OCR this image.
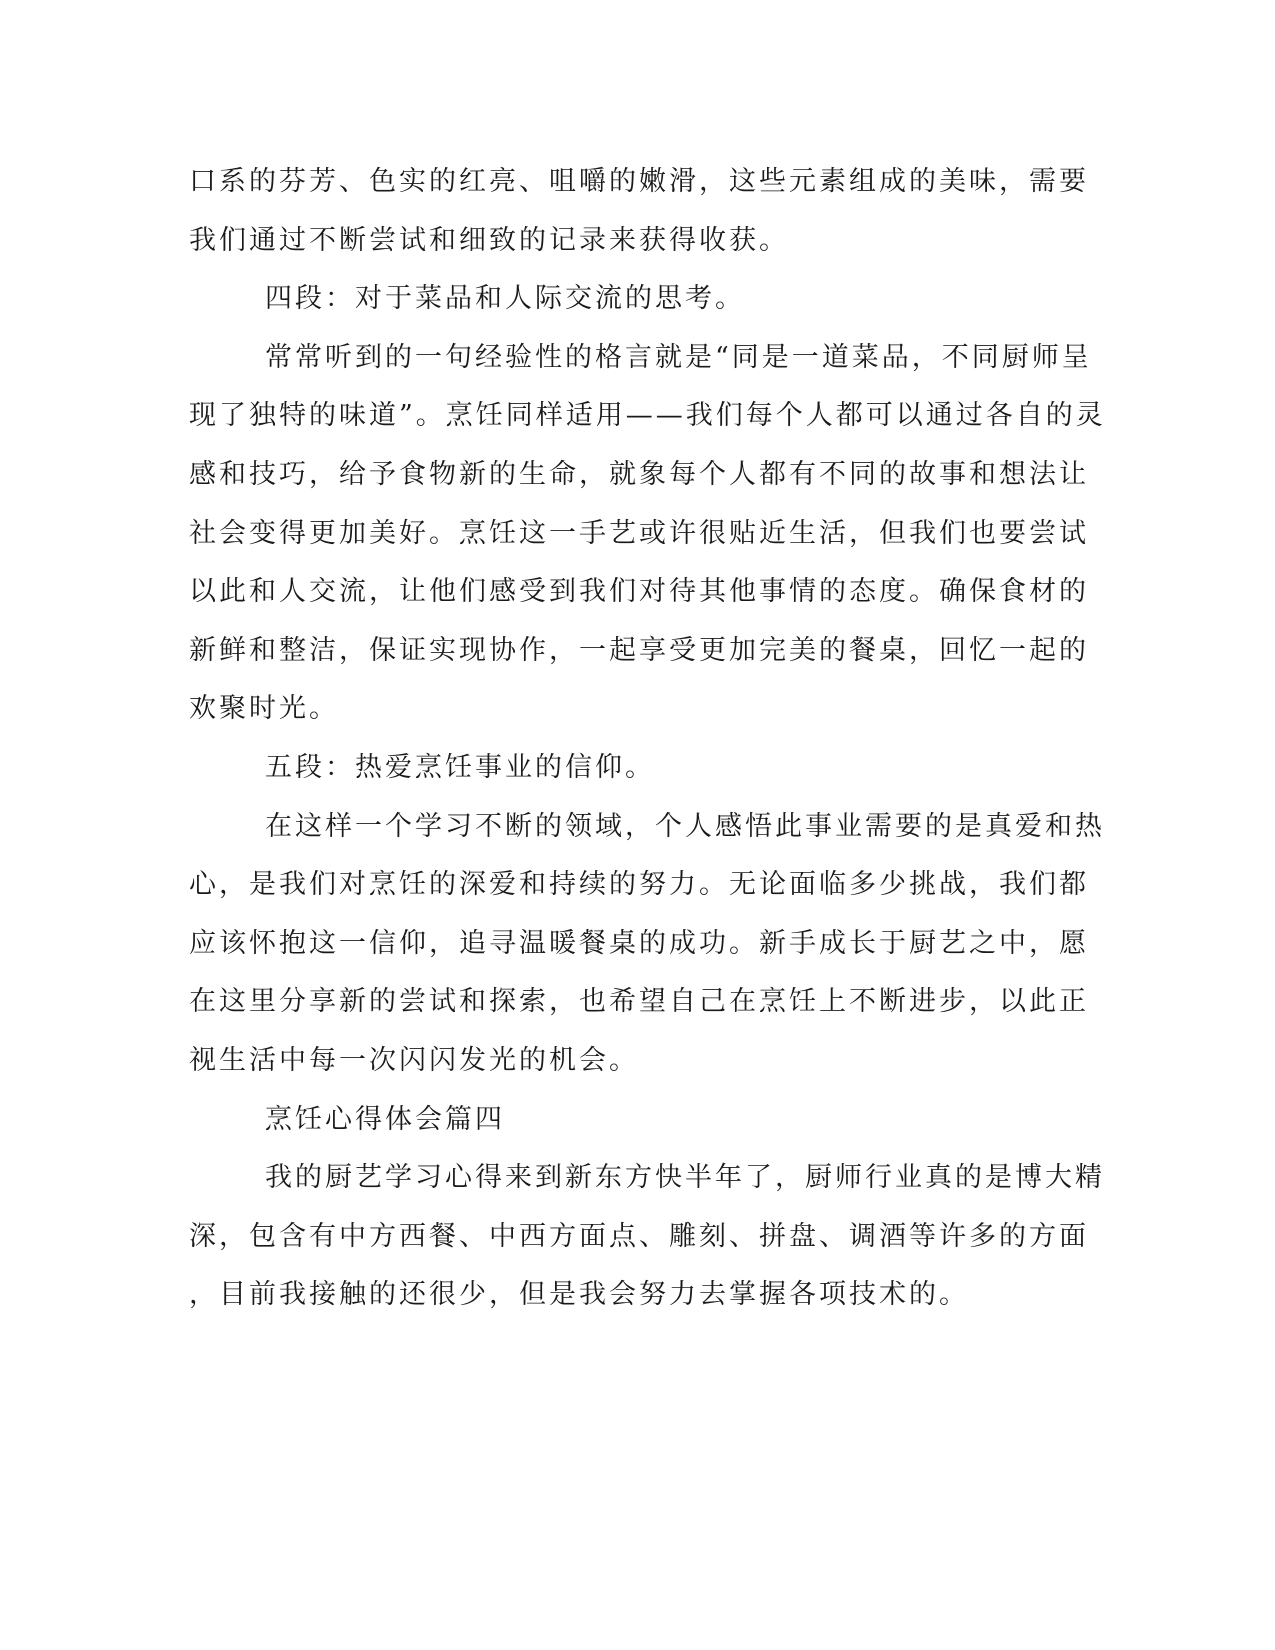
口系的芬芳、色实的红亮、咀嚼的嫩滑，这些元素组成的美味，需要
我们通过不断尝试和细致的记录来获得收获。
四段：对于菜品和人际交流的思考。
常常听到的一句经验性的格言就是“同是一道菜品，不同厨师呈
现了独特的味道”。烹饪同样适用——我们每个人都可以通过各自的灵
感和技巧，给予食物新的生命，就象每个人都有不同的故事和想法让
社会变得更加美好。烹饪这一手艺或许很贴近生活，但我们也要尝试
以此和人交流，让他们感受到我们对待其他事情的态度。确保食材的
新鲜和整洁，保证实现协作，一起享受更加完美的餐桌，回忆一起的
欢聚时光。
五段：热爱烹饪事业的信仰。
在这样一个学习不断的领域，个人感悟此事业需要的是真爱和热
心，是我们对烹饪的深爱和持续的努力。无论面临多少挑战，我们都
应该怀抱这一信仰，追寻温暖餐桌的成功。新手成长于厨艺之中，愿
在这里分享新的尝试和探索，也希望自己在烹饪上不断进步，以此正
视生活中每一次闪闪发光的机会。
烹饪心得体会篇四
我的厨艺学习心得来到新东方快半年了，厨师行业真的是博大精
深，包含有中方西餐、中西方面点、雕刻、拼盘、调酒等许多的方面
，目前我接触的还很少，但是我会努力去掌握各项技术的。
